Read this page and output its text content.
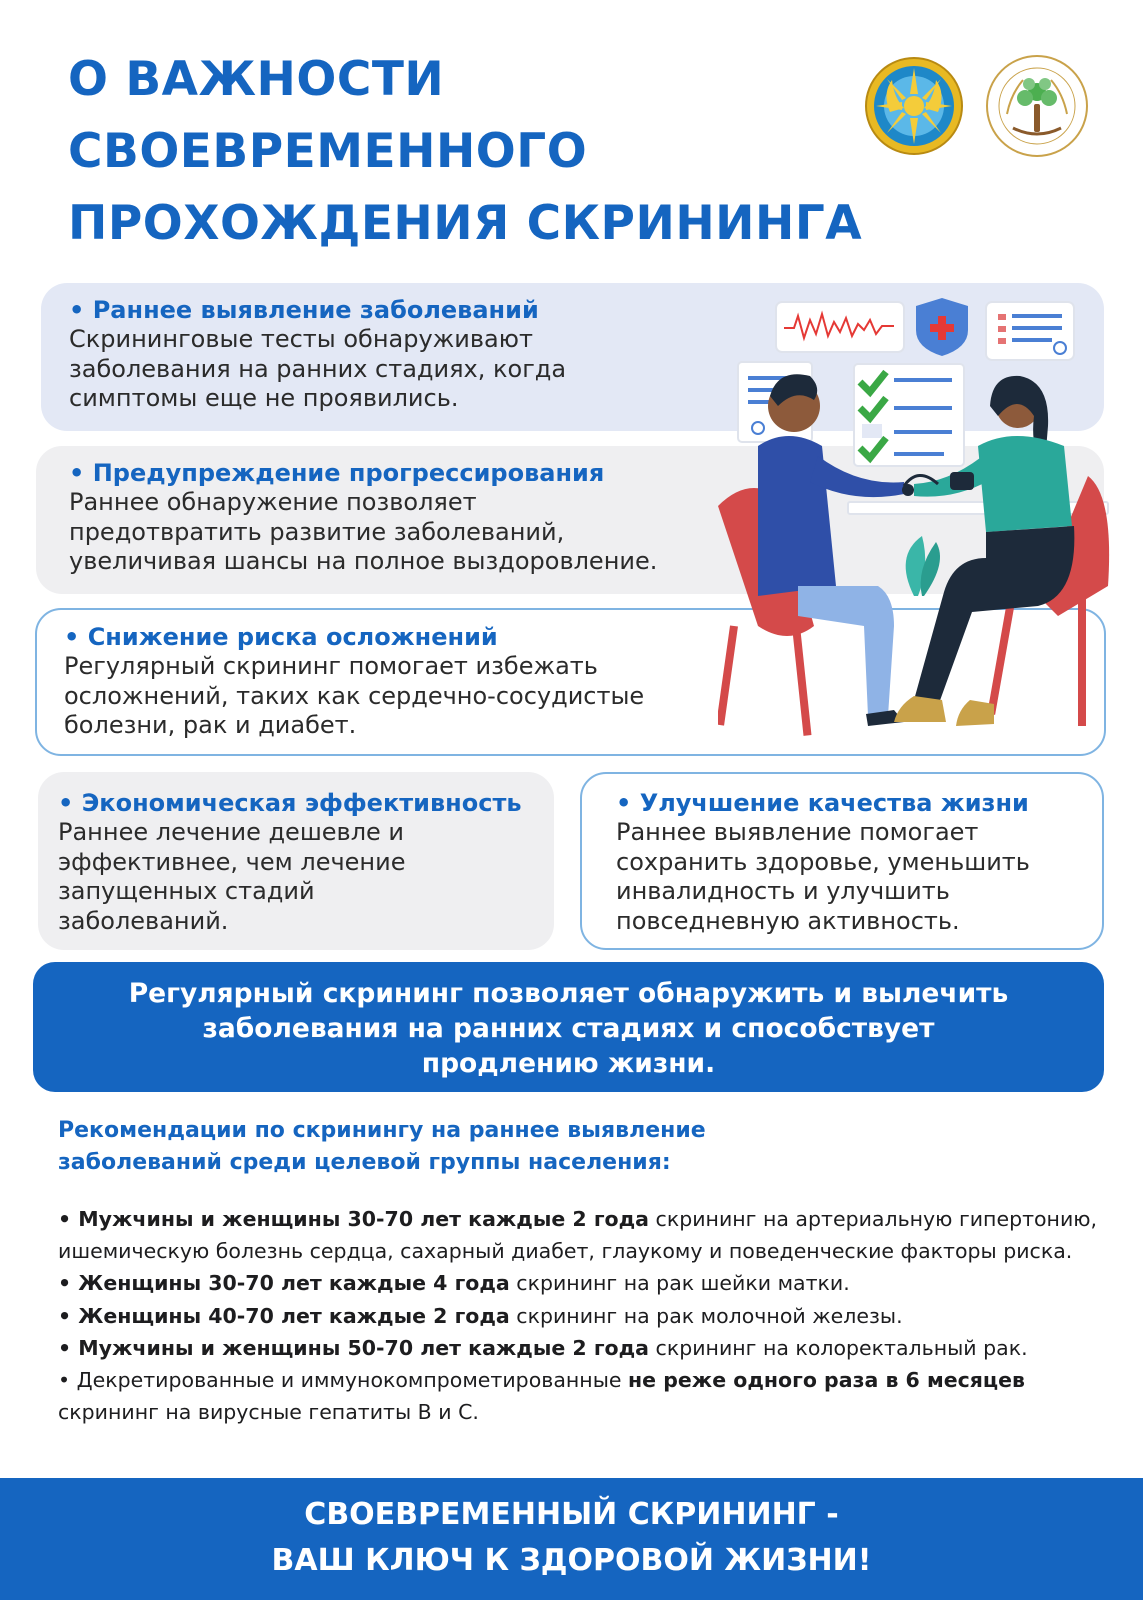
О ВАЖНОСТИ
СВОЕВРЕМЕННОГО
ПРОХОЖДЕНИЯ СКРИНИНГА
• Раннее выявление заболеваний
Скрининговые тесты обнаруживают
заболевания на ранних стадиях, когда
симптомы еще не проявились.
• Предупреждение прогрессирования
Раннее обнаружение позволяет
предотвратить развитие заболеваний,
увеличивая шансы на полное выздоровление.
• Снижение риска осложнений
Регулярный скрининг помогает избежать
осложнений, таких как сердечно-сосудистые
болезни, рак и диабет.
• Экономическая эффективность
Раннее лечение дешевле и
эффективнее, чем лечение
запущенных стадий
заболеваний.
• Улучшение качества жизни
Раннее выявление помогает
сохранить здоровье, уменьшить
инвалидность и улучшить
повседневную активность.
Регулярный скрининг позволяет обнаружить и вылечить
заболевания на ранних стадиях и способствует
продлению жизни.
Рекомендации по скринингу на раннее выявление
заболеваний среди целевой группы населения:
• Мужчины и женщины 30-70 лет каждые 2 года скрининг на артериальную гипертонию, ишемическую болезнь сердца, сахарный диабет, глаукому и поведенческие факторы риска.
• Женщины 30-70 лет каждые 4 года скрининг на рак шейки матки.
• Женщины 40-70 лет каждые 2 года скрининг на рак молочной железы.
• Мужчины и женщины 50-70 лет каждые 2 года скрининг на колоректальный рак.
• Декретированные и иммунокомпрометированные не реже одного раза в 6 месяцев скрининг на вирусные гепатиты В и С.
СВОЕВРЕМЕННЫЙ СКРИНИНГ -
ВАШ КЛЮЧ К ЗДОРОВОЙ ЖИЗНИ!
